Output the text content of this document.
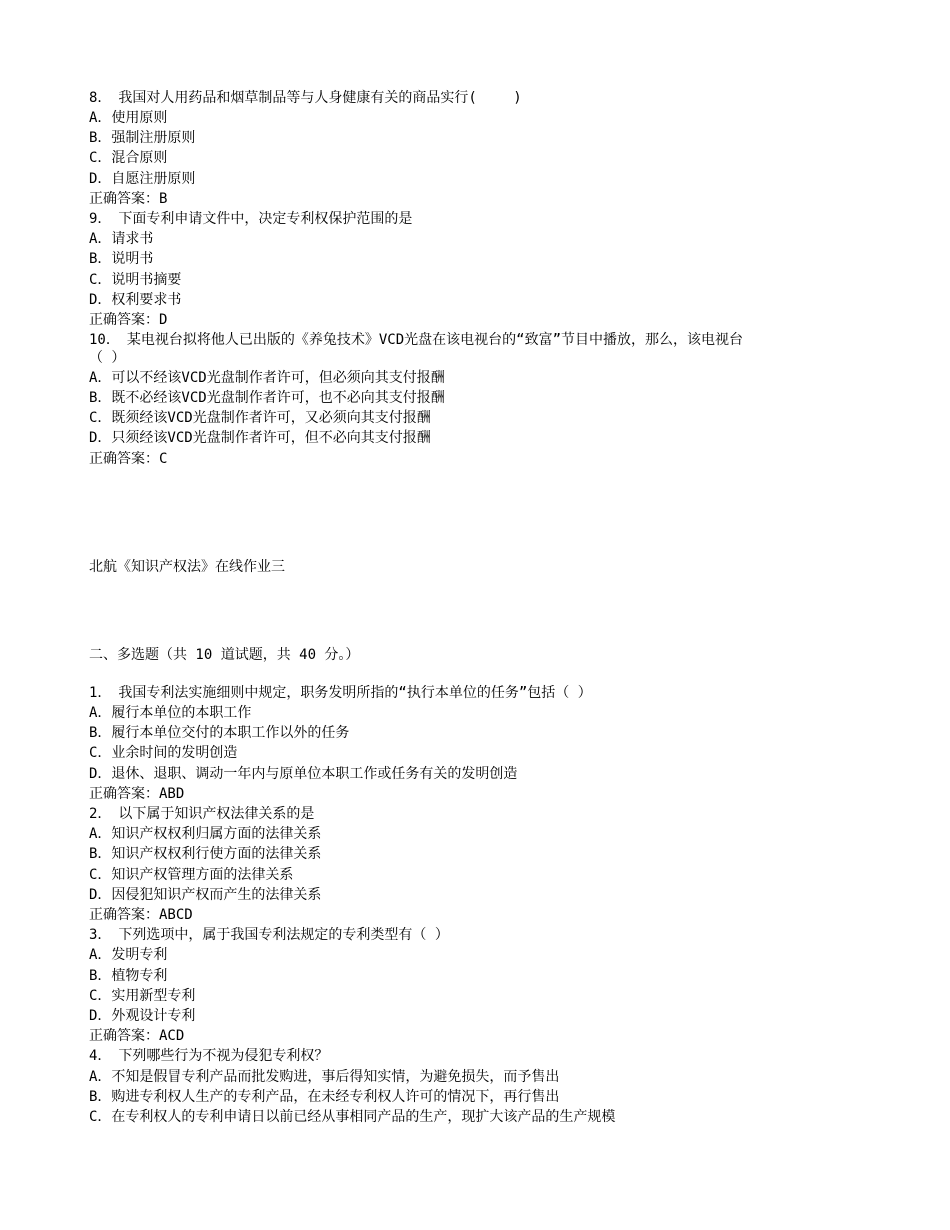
8．　我国对人用药品和烟草制品等与人身健康有关的商品实行(　　 )
A．使用原则
B．强制注册原则
C．混合原则
D．自愿注册原则
正确答案：B
9．　下面专利申请文件中，决定专利权保护范围的是
A．请求书
B．说明书
C．说明书摘要
D．权利要求书
正确答案：D
10．　某电视台拟将他人已出版的《养兔技术》VCD光盘在该电视台的“致富”节目中播放，那么，该电视台
（ ）
A．可以不经该VCD光盘制作者许可，但必须向其支付报酬
B．既不必经该VCD光盘制作者许可，也不必向其支付报酬
C．既须经该VCD光盘制作者许可，又必须向其支付报酬
D．只须经该VCD光盘制作者许可，但不必向其支付报酬
正确答案：C
北航《知识产权法》在线作业三
二、多选题（共 10 道试题，共 40 分。）
1．　我国专利法实施细则中规定，职务发明所指的“执行本单位的任务”包括（ ）
A．履行本单位的本职工作
B．履行本单位交付的本职工作以外的任务
C．业余时间的发明创造
D．退休、退职、调动一年内与原单位本职工作或任务有关的发明创造
正确答案：ABD
2．　以下属于知识产权法律关系的是
A．知识产权权利归属方面的法律关系
B．知识产权权利行使方面的法律关系
C．知识产权管理方面的法律关系
D．因侵犯知识产权而产生的法律关系
正确答案：ABCD
3．　下列选项中，属于我国专利法规定的专利类型有（ ）
A．发明专利
B．植物专利
C．实用新型专利
D．外观设计专利
正确答案：ACD
4．　下列哪些行为不视为侵犯专利权？
A．不知是假冒专利产品而批发购进，事后得知实情，为避免损失，而予售出
B．购进专利权人生产的专利产品，在未经专利权人许可的情况下，再行售出
C．在专利权人的专利申请日以前已经从事相同产品的生产，现扩大该产品的生产规模
